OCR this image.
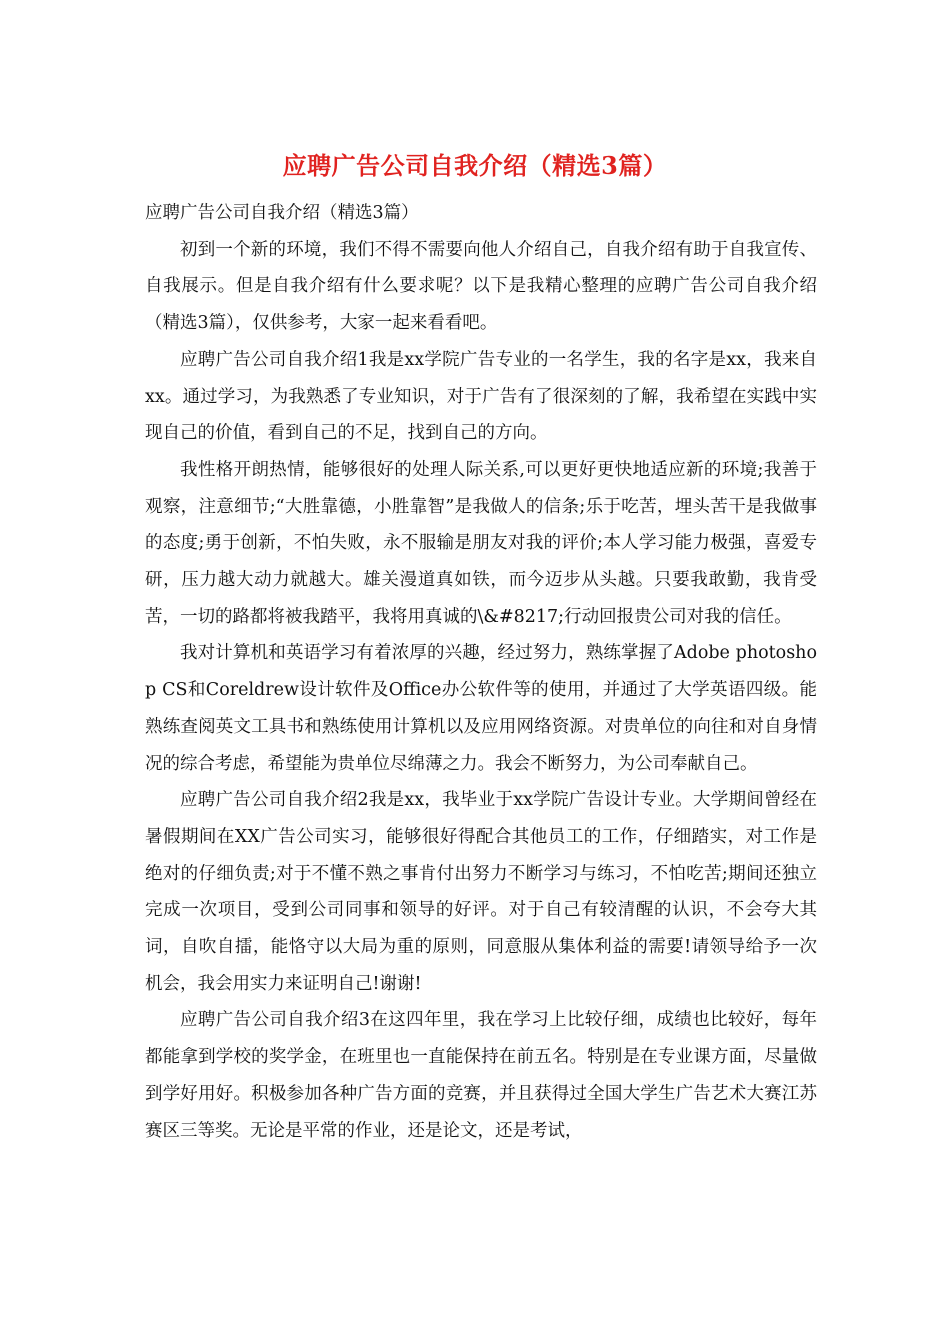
应聘广告公司自我介绍（精选3篇）

应聘广告公司自我介绍（精选3篇）

初到一个新的环境，我们不得不需要向他人介绍自己，自我介绍有助于自我宣传、自我展示。但是自我介绍有什么要求呢？以下是我精心整理的应聘广告公司自我介绍（精选3篇），仅供参考，大家一起来看看吧。

应聘广告公司自我介绍1我是xx学院广告专业的一名学生，我的名字是xx，我来自xx。通过学习，为我熟悉了专业知识，对于广告有了很深刻的了解，我希望在实践中实现自己的价值，看到自己的不足，找到自己的方向。

我性格开朗热情，能够很好的处理人际关系,可以更好更快地适应新的环境;我善于观察，注意细节;“大胜靠德，小胜靠智”是我做人的信条;乐于吃苦，埋头苦干是我做事的态度;勇于创新，不怕失败，永不服输是朋友对我的评价;本人学习能力极强，喜爱专研，压力越大动力就越大。雄关漫道真如铁，而今迈步从头越。只要我敢勤，我肯受苦，一切的路都将被我踏平，我将用真诚的\&#8217;行动回报贵公司对我的信任。

我对计算机和英语学习有着浓厚的兴趣，经过努力，熟练掌握了Adobe photoshop CS和Coreldrew设计软件及Office办公软件等的使用，并通过了大学英语四级。能熟练查阅英文工具书和熟练使用计算机以及应用网络资源。对贵单位的向往和对自身情况的综合考虑，希望能为贵单位尽绵薄之力。我会不断努力，为公司奉献自己。

应聘广告公司自我介绍2我是xx，我毕业于xx学院广告设计专业。大学期间曾经在暑假期间在XX广告公司实习，能够很好得配合其他员工的工作，仔细踏实，对工作是绝对的仔细负责;对于不懂不熟之事肯付出努力不断学习与练习，不怕吃苦;期间还独立完成一次项目，受到公司同事和领导的好评。对于自己有较清醒的认识，不会夸大其词，自吹自擂，能恪守以大局为重的原则，同意服从集体利益的需要!请领导给予一次机会，我会用实力来证明自己!谢谢!

应聘广告公司自我介绍3在这四年里，我在学习上比较仔细，成绩也比较好，每年都能拿到学校的奖学金，在班里也一直能保持在前五名。特别是在专业课方面，尽量做到学好用好。积极参加各种广告方面的竞赛，并且获得过全国大学生广告艺术大赛江苏赛区三等奖。无论是平常的作业，还是论文，还是考试，
